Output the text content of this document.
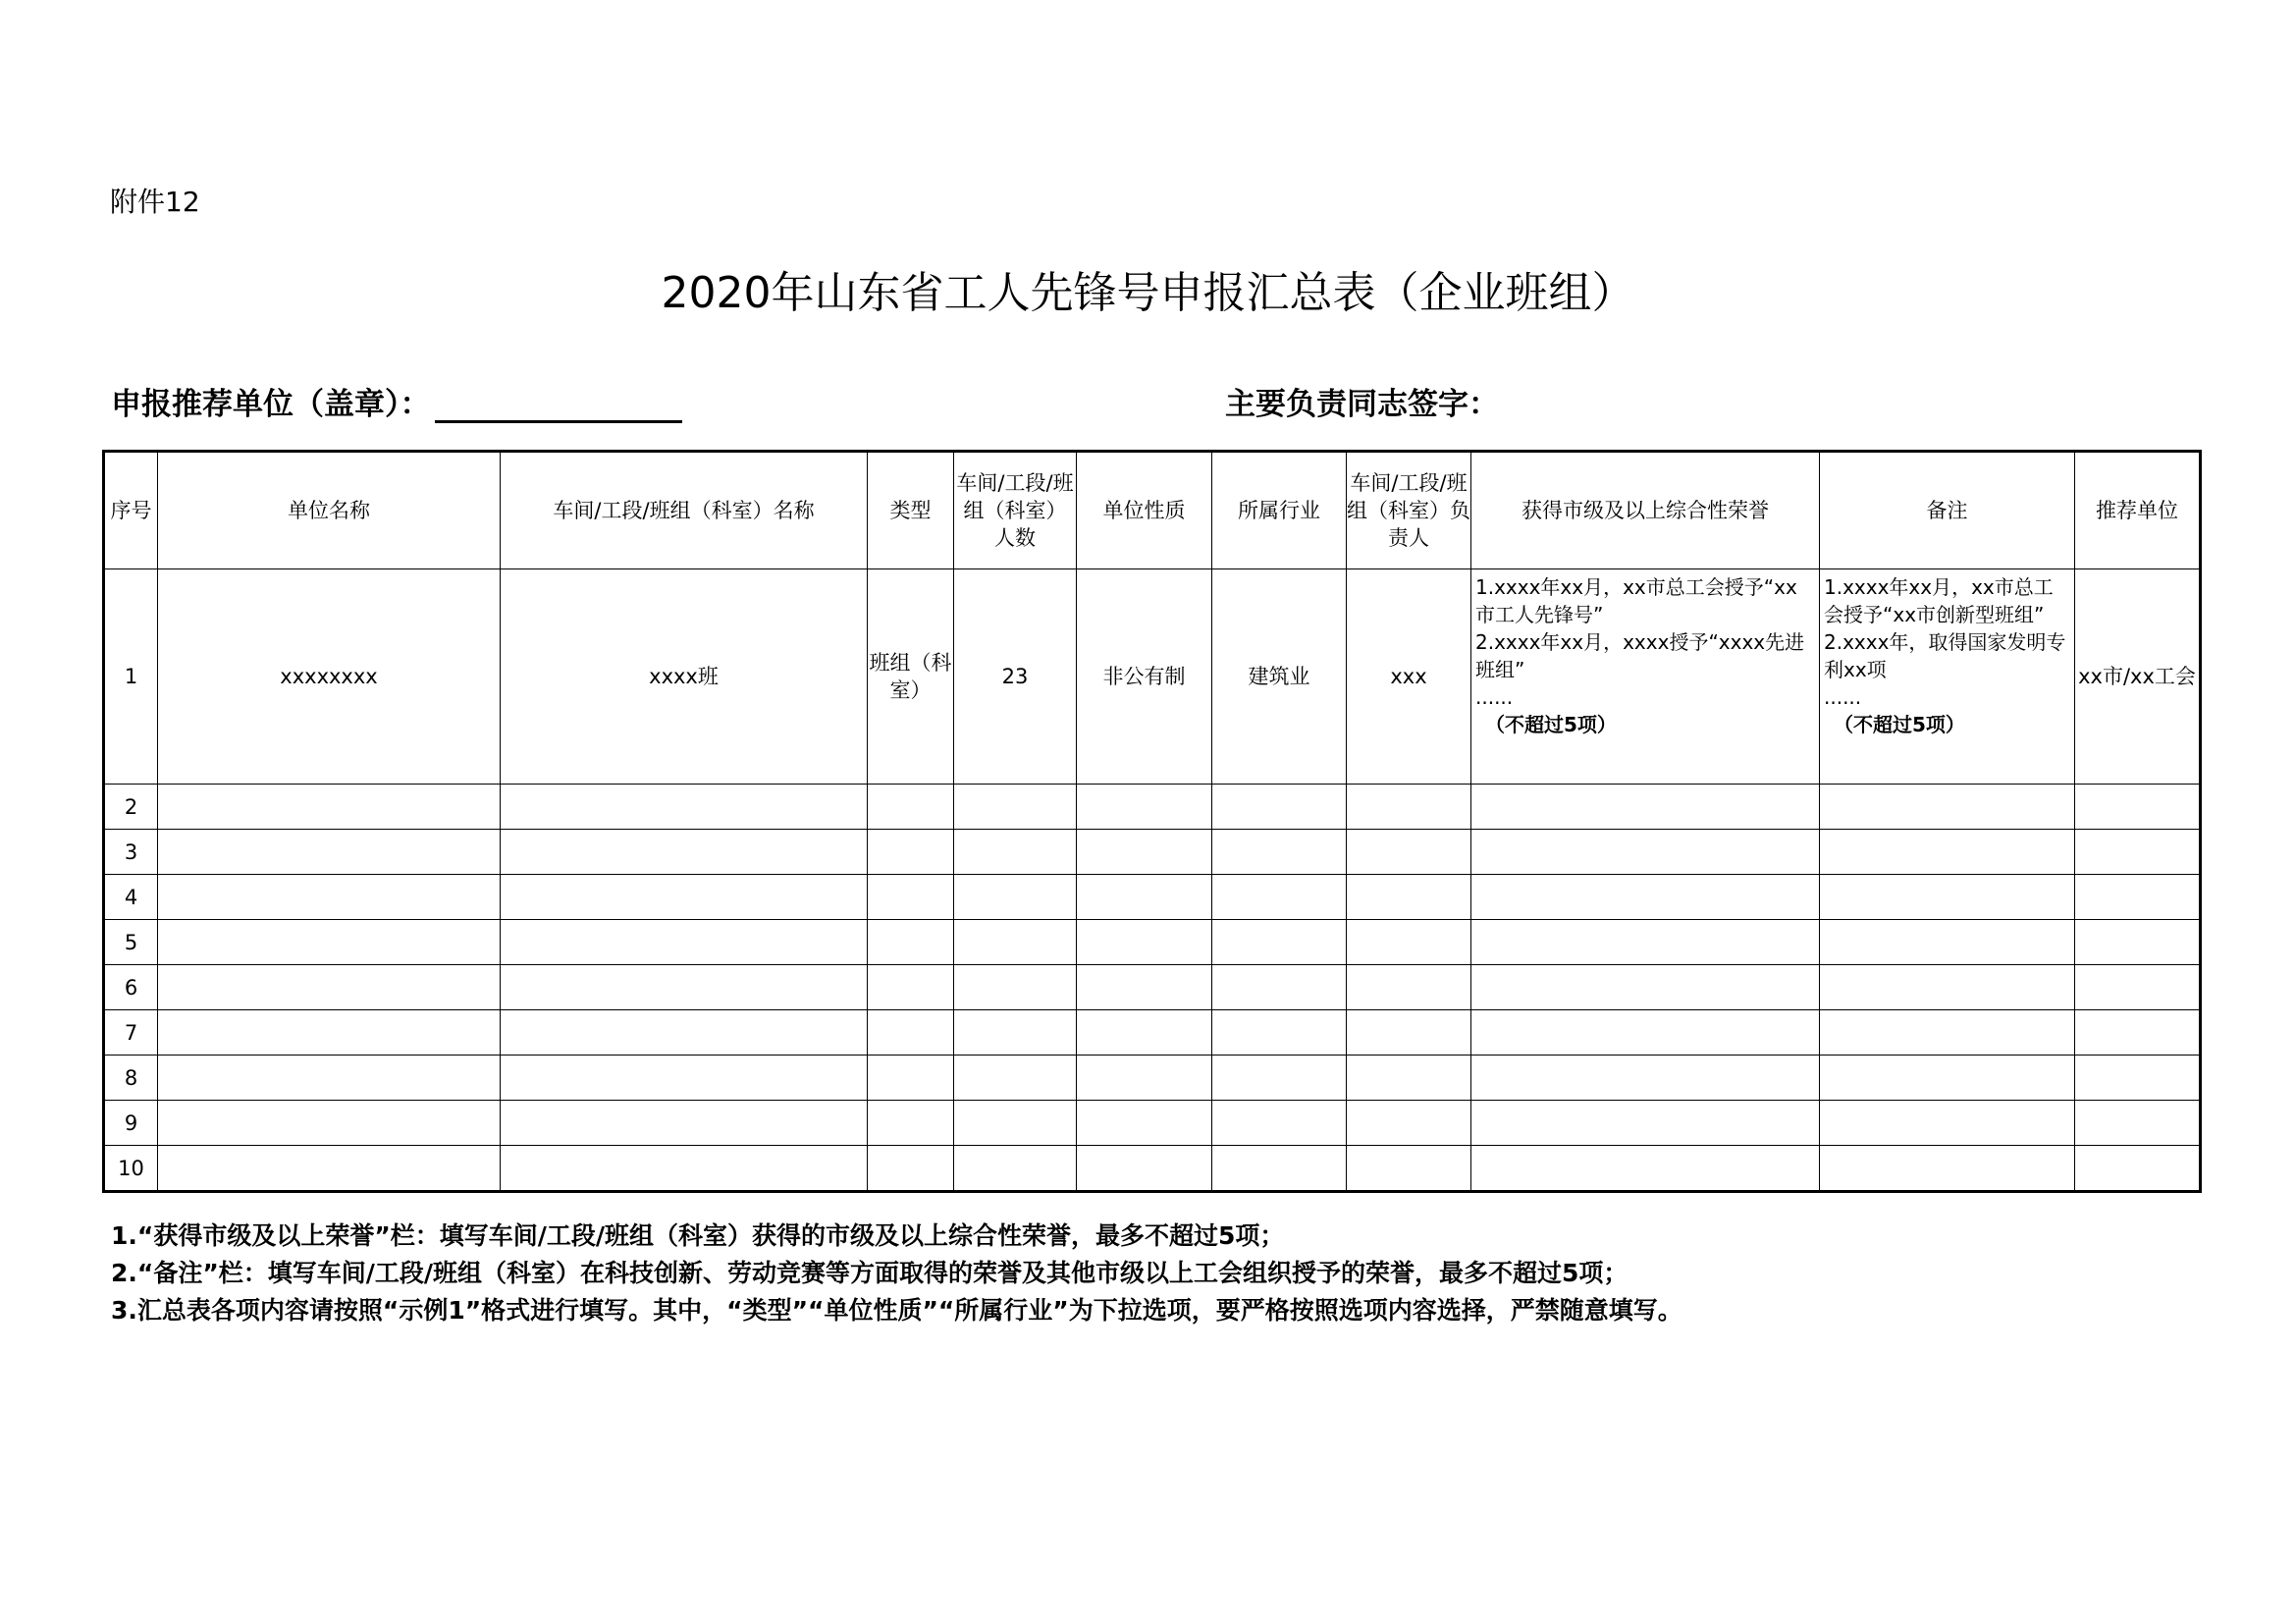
附件12
2020年山东省工人先锋号申报汇总表（企业班组）
申报推荐单位（盖章）：	主要负责同志签字：
序号	单位名称	车间/工段/班组（科室）名称	类型	车间/工段/班组（科室）人数	单位性质	所属行业	车间/工段/班组（科室）负责人	获得市级及以上综合性荣誉	备注	推荐单位
1	xxxxxxxx	xxxx班	班组（科室）	23	非公有制	建筑业	xxx	1.xxxx年xx月，xx市总工会授予“xx市工人先锋号”
2.xxxx年xx月，xxxx授予“xxxx先进班组”
......
（不超过5项）	1.xxxx年xx月，xx市总工会授予“xx市创新型班组”
2.xxxx年，取得国家发明专利xx项
......
（不超过5项）	xx市/xx工会
2										
3										
4										
5										
6										
7										
8										
9										
10										
1.“获得市级及以上荣誉”栏：填写车间/工段/班组（科室）获得的市级及以上综合性荣誉，最多不超过5项；
2.“备注”栏：填写车间/工段/班组（科室）在科技创新、劳动竞赛等方面取得的荣誉及其他市级以上工会组织授予的荣誉，最多不超过5项；
3.汇总表各项内容请按照“示例1”格式进行填写。其中，“类型”“单位性质”“所属行业”为下拉选项，要严格按照选项内容选择，严禁随意填写。
